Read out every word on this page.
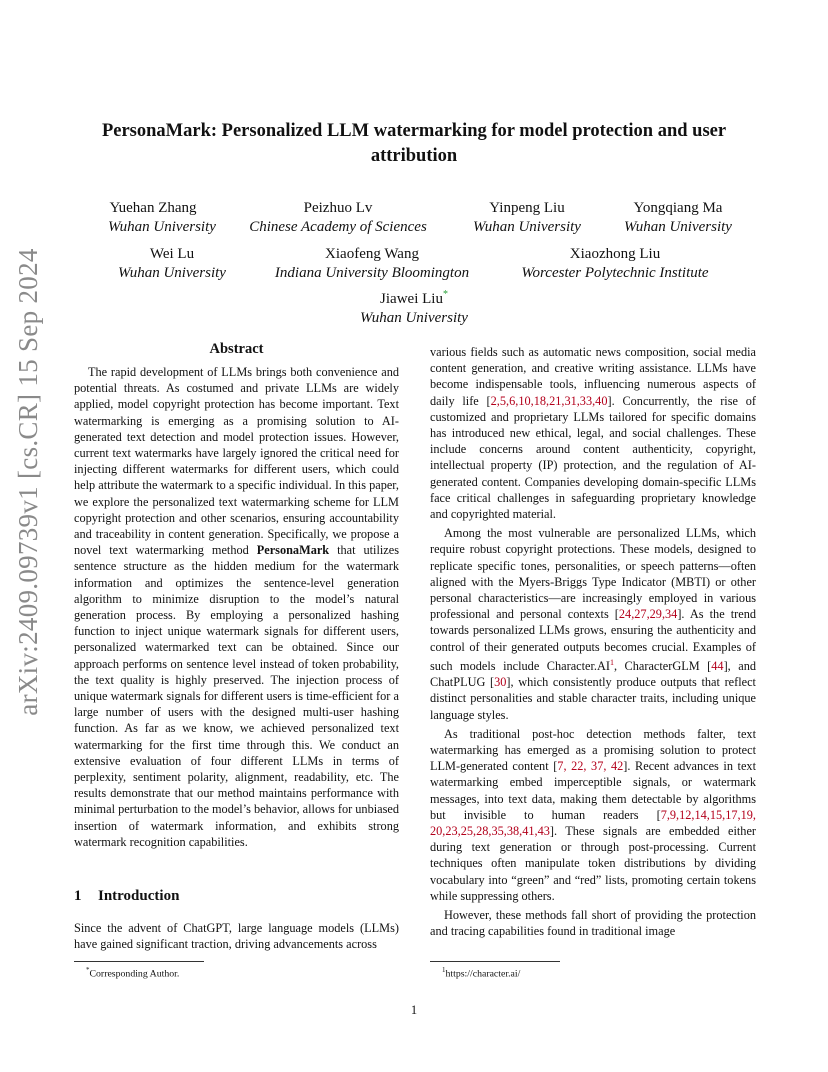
arXiv:2409.09739v1 [cs.CR] 15 Sep 2024
PersonaMark: Personalized LLM watermarking for model protection and user attribution
Yuehan Zhang
Wuhan University
Peizhuo Lv
Chinese Academy of Sciences
Yinpeng Liu
Wuhan University
Yongqiang Ma
Wuhan University
Wei Lu
Wuhan University
Xiaofeng Wang
Indiana University Bloomington
Xiaozhong Liu
Worcester Polytechnic Institute
Jiawei Liu*
Wuhan University
Abstract

The rapid development of LLMs brings both convenience and potential threats. As costumed and private LLMs are widely applied, model copyright protection has become important. Text watermarking is emerging as a promising solution to AI-generated text detection and model protection issues. However, current text watermarks have largely ignored the critical need for injecting different watermarks for different users, which could help attribute the watermark to a specific individual. In this paper, we explore the personalized text watermarking scheme for LLM copyright protection and other scenarios, ensuring accountability and traceability in content generation. Specifically, we propose a novel text watermarking method PersonaMark that utilizes sentence structure as the hidden medium for the watermark information and optimizes the sentence-level generation algorithm to minimize disruption to the model’s natural generation process. By employing a personalized hashing function to inject unique watermark signals for different users, personalized watermarked text can be obtained. Since our approach performs on sentence level instead of token probability, the text quality is highly preserved. The injection process of unique watermark signals for different users is time-efficient for a large number of users with the designed multi-user hashing function. As far as we know, we achieved personalized text watermarking for the first time through this. We conduct an extensive evaluation of four different LLMs in terms of perplexity, sentiment polarity, alignment, readability, etc. The results demonstrate that our method maintains performance with minimal perturbation to the model’s behavior, allows for unbiased insertion of watermark information, and exhibits strong watermark recognition capabilities.

1 Introduction

Since the advent of ChatGPT, large language models (LLMs) have gained significant traction, driving advancements across

*Corresponding Author.

various fields such as automatic news composition, social media content generation, and creative writing assistance. LLMs have become indispensable tools, influencing numerous aspects of daily life [2,5,6,10,18,21,31,33,40]. Concurrently, the rise of customized and proprietary LLMs tailored for specific domains has introduced new ethical, legal, and social challenges. These include concerns around content authenticity, copyright, intellectual property (IP) protection, and the regulation of AI-generated content. Companies developing domain-specific LLMs face critical challenges in safeguarding proprietary knowledge and copyrighted material.

Among the most vulnerable are personalized LLMs, which require robust copyright protections. These models, designed to replicate specific tones, personalities, or speech patterns—often aligned with the Myers-Briggs Type Indicator (MBTI) or other personal characteristics—are increasingly employed in various professional and personal contexts [24,27,29,34]. As the trend towards personalized LLMs grows, ensuring the authenticity and control of their generated outputs becomes crucial. Examples of such models include Character.AI$^1$, CharacterGLM [44], and ChatPLUG [30], which consistently produce outputs that reflect distinct personalities and stable character traits, including unique language styles.

As traditional post-hoc detection methods falter, text watermarking has emerged as a promising solution to protect LLM-generated content [7, 22, 37, 42]. Recent advances in text watermarking embed imperceptible signals, or watermark messages, into text data, making them detectable by algorithms but invisible to human readers [7,9,12,14,15,17,19, 20,23,25,28,35,38,41,43]. These signals are embedded either during text generation or through post-processing. Current techniques often manipulate token distributions by dividing vocabulary into “green” and “red” lists, promoting certain tokens while suppressing others.

However, these methods fall short of providing the protection and tracing capabilities found in traditional image

$^1$https://character.ai/
1
